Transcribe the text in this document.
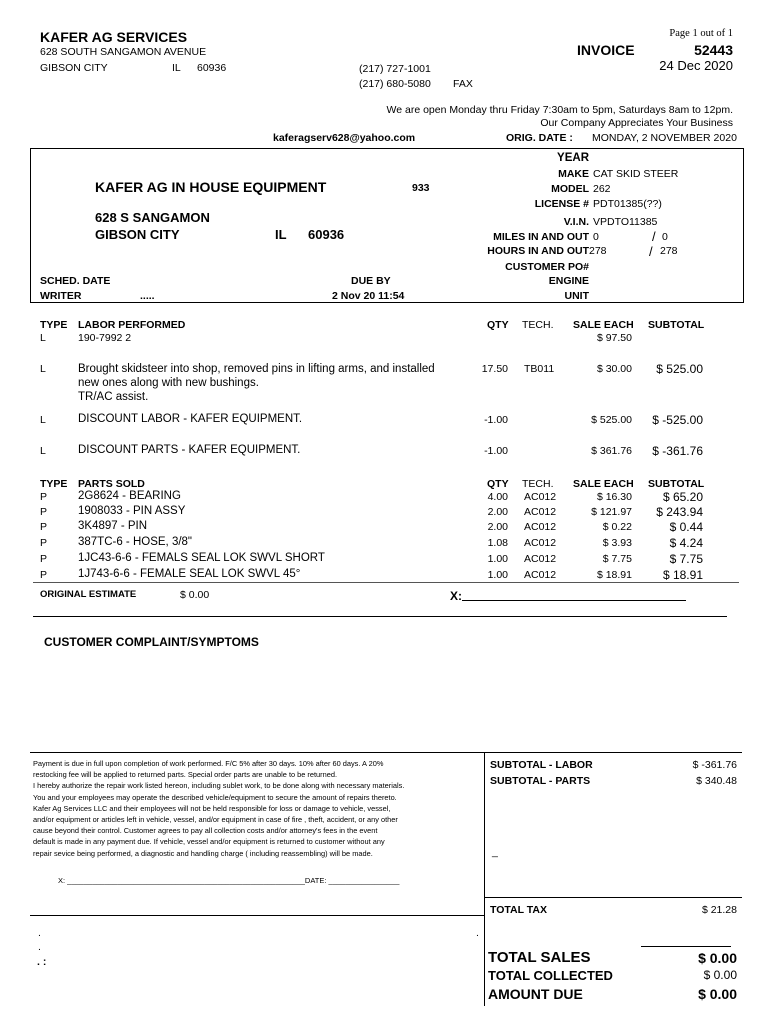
KAFER AG SERVICES
628 SOUTH SANGAMON AVENUE
GIBSON CITY	IL 60936	(217) 727-1001
(217) 680-5080 FAX
Page 1 out of 1
INVOICE	52443
24 Dec 2020
We are open Monday thru Friday 7:30am to 5pm, Saturdays 8am to 12pm.
Our Company Appreciates Your Business
kaferagserv628@yahoo.com	ORIG. DATE : MONDAY, 2 NOVEMBER 2020
KAFER AG IN HOUSE EQUIPMENT	933
628 S SANGAMON
GIBSON CITY	IL 60936
SCHED. DATE
WRITER	.....
DUE BY
2 Nov 20 11:54
YEAR
MAKE CAT SKID STEER
MODEL 262
LICENSE # PDT01385(??)
V.I.N. VPDTO11385
MILES IN AND OUT 0	/ 0
HOURS IN AND OUT 278	/ 278
CUSTOMER PO#
ENGINE
UNIT
TYPE LABOR PERFORMED	QTY TECH. SALE EACH SUBTOTAL
L	190-7992 2	$ 97.50
L	Brought skidsteer into shop, removed pins in lifting arms, and installed
new ones along with new bushings.
TR/AC assist.
17.50 TB011	$ 30.00 $ 525.00
L	DISCOUNT LABOR - KAFER EQUIPMENT.	-1.00	$ 525.00 $ -525.00
L	DISCOUNT PARTS - KAFER EQUIPMENT.	-1.00	$ 361.76 $ -361.76
TYPE PARTS SOLD	QTY TECH. SALE EACH SUBTOTAL
P	2G8624 - BEARING	4.00 AC012	$ 16.30	$ 65.20
P	1908033 - PIN ASSY	2.00 AC012	$ 121.97 $ 243.94
P	3K4897 - PIN	2.00 AC012	$ 0.22	$ 0.44
P	387TC-6 - HOSE, 3/8"	1.08 AC012	$ 3.93	$ 4.24
P	1JC43-6-6 - FEMALS SEAL LOK SWVL SHORT	1.00 AC012	$ 7.75	$ 7.75
P	1J743-6-6 - FEMALE SEAL LOK SWVL 45°	1.00 AC012	$ 18.91	$ 18.91
ORIGINAL ESTIMATE	$ 0.00	X:
CUSTOMER COMPLAINT/SYMPTOMS

Payment is due in full upon completion of work performed. F/C 5% after 30 days. 10% after 60 days. A 20%

restocking fee will be applied to returned parts. Special order parts are unable to be returned.

I hereby authorize the repair work listed hereon, including sublet work, to be done along with necessary materials.

You and your employees may operate the described vehicle/equipment to secure the amount of repairs thereto.

Kafer Ag Services LLC and their employees will not be held responsible for loss or damage to vehicle, vessel,

and/or equipment or articles left in vehicle, vessel, and/or equipment in case of fire , theft, accident, or any other

cause beyond their control. Customer agrees to pay all collection costs and/or attorney's fees in the event

default is made in any payment due. If vehicle, vessel and/or equipment is returned to customer without any

repair sevice being performed, a diagnostic and handling charge ( including reassembling) will be made.

X: _________________________________________________________DATE: _________________
.
.
. :
.
SUBTOTAL - LABOR	$ -361.76
SUBTOTAL - PARTS	$ 340.48
_
TOTAL TAX	$ 21.28
TOTAL SALES	$ 0.00
TOTAL COLLECTED	$ 0.00
AMOUNT DUE	$ 0.00
